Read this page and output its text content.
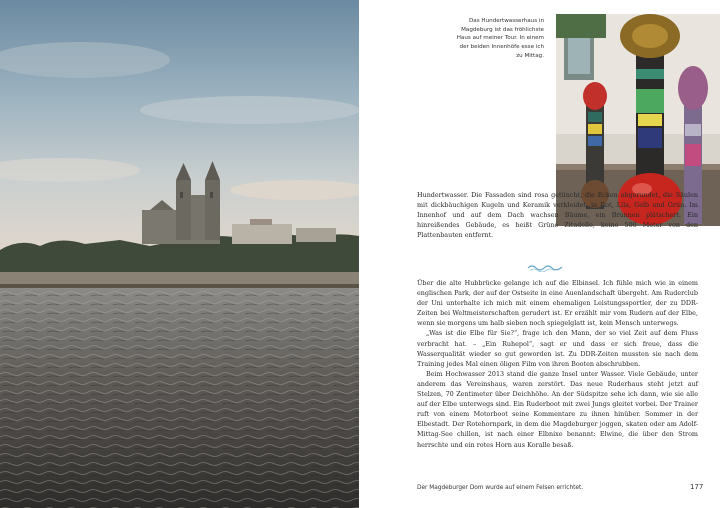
Das Hundertwasserhaus in Magdeburg ist das fröhlichste Haus auf meiner Tour. In einem der beiden Innenhöfe esse ich zu Mittag.

Hundertwasser. Die Fassaden sind rosa getüncht, die Ecken abgerundet, die Säulen mit dickbäuchigen Kugeln und Keramik verkleidet, in Rot, Lila, Gelb und Grün. Im Innenhof und auf dem Dach wachsen Bäume, ein Brunnen plätschert. Ein hinreißendes Gebäude, es heißt Grüne Zitadelle, keine 500 Meter von den Plattenbauten entfernt.

Über die alte Hubbrücke gelange ich auf die Elbinsel. Ich fühle mich wie in einem englischen Park, der auf der Ostseite in eine Auenlandschaft übergeht. Am Ruderclub der Uni unterhalte ich mich mit einem ehemaligen Leistungssportler, der zu DDR-Zeiten bei Weltmeisterschaften gerudert ist. Er erzählt mir vom Rudern auf der Elbe, wenn sie morgens um halb sieben noch spiegelglatt ist, kein Mensch unterwegs.

„Was ist die Elbe für Sie?“, frage ich den Mann, der so viel Zeit auf dem Fluss verbracht hat. – „Ein Ruhepol“, sagt er und dass er sich freue, dass die Wasserqualität wieder so gut geworden ist. Zu DDR-Zeiten mussten sie nach dem Training jedes Mal einen öligen Film von ihren Booten abschrubben.

Beim Hochwasser 2013 stand die ganze Insel unter Wasser. Viele Gebäude, unter anderem das Vereinshaus, waren zerstört. Das neue Ruderhaus steht jetzt auf Stelzen, 70 Zentimeter über Deichhöhe. An der Südspitze sehe ich dann, wie sie alle auf der Elbe unterwegs sind. Ein Ruderboot mit zwei Jungs gleitet vorbei. Der Trainer ruft von einem Motorboot seine Kommentare zu ihnen hinüber. Sommer in der Elbestadt. Der Rotehornpark, in dem die Magdeburger joggen, skaten oder am Adolf-Mittag-See chillen, ist nach einer Elbnixe benannt: Elwine, die über den Strom herrschte und ein rotes Horn aus Koralle besaß.

Der Magdeburger Dom wurde auf einem Felsen errichtet.	177
